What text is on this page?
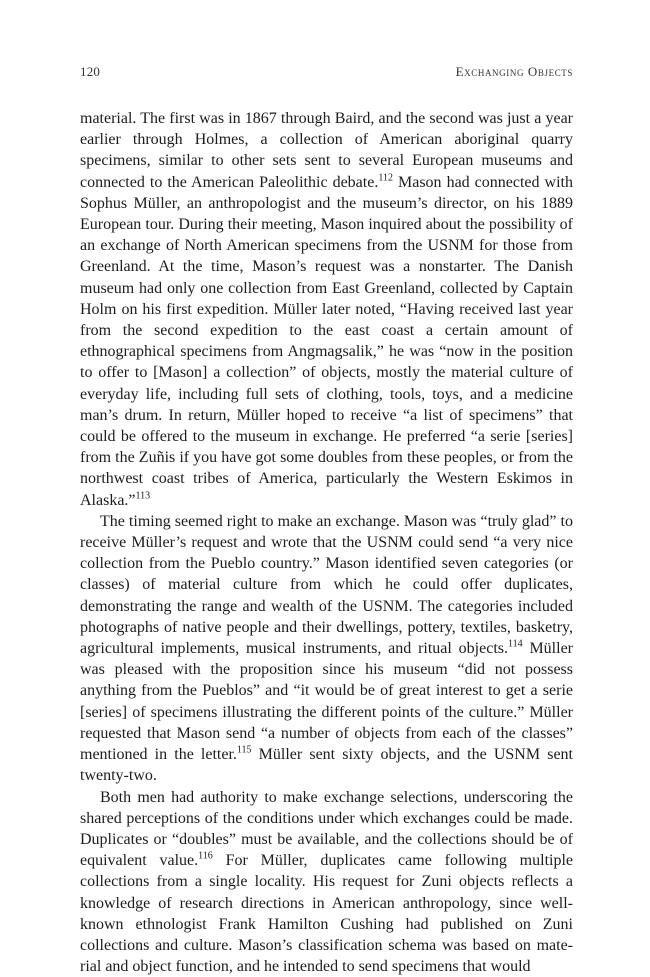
120	Exchanging Objects

material. The first was in 1867 through Baird, and the second was just a year earlier through Holmes, a collection of American aboriginal quarry specimens, similar to other sets sent to several European museums and connected to the American Paleolithic debate.$^{112}$ Mason had connected with Sophus Müller, an anthropologist and the museum’s director, on his 1889 European tour. During their meeting, Mason inquired about the possibility of an exchange of North American specimens from the USNM for those from Greenland. At the time, Mason’s request was a nonstarter. The Danish museum had only one collection from East Greenland, collected by Captain Holm on his first expedition. Müller later noted, “Having received last year from the second expedition to the east coast a certain amount of ethnographical specimens from Angmagsalik,” he was “now in the position to offer to [Mason] a collection” of objects, mostly the material culture of everyday life, including full sets of clothing, tools, toys, and a medicine man’s drum. In return, Müller hoped to receive “a list of specimens” that could be offered to the museum in exchange. He preferred “a serie [series] from the Zuñis if you have got some doubles from these peoples, or from the northwest coast tribes of America, particularly the Western Eskimos in Alaska.”$^{113}$

The timing seemed right to make an exchange. Mason was “truly glad” to receive Müller’s request and wrote that the USNM could send “a very nice collection from the Pueblo country.” Mason identified seven categories (or classes) of material culture from which he could offer duplicates, demonstrating the range and wealth of the USNM. The categories included photographs of native people and their dwellings, pottery, textiles, basketry, agricultural implements, musical instruments, and ritual objects.$^{114}$ Müller was pleased with the proposition since his museum “did not possess anything from the Pueblos” and “it would be of great interest to get a serie [series] of specimens illustrating the different points of the culture.” Müller requested that Mason send “a number of objects from each of the classes” mentioned in the letter.$^{115}$ Müller sent sixty objects, and the USNM sent twenty-two.

Both men had authority to make exchange selections, underscoring the shared perceptions of the conditions under which exchanges could be made. Duplicates or “doubles” must be available, and the collections should be of equivalent value.$^{116}$ For Müller, duplicates came following multiple collections from a single locality. His request for Zuni objects reflects a knowledge of research directions in American anthropology, since well-known ethnologist Frank Hamilton Cushing had published on Zuni collections and culture. Mason’s classification schema was based on material and object function, and he intended to send specimens that would
